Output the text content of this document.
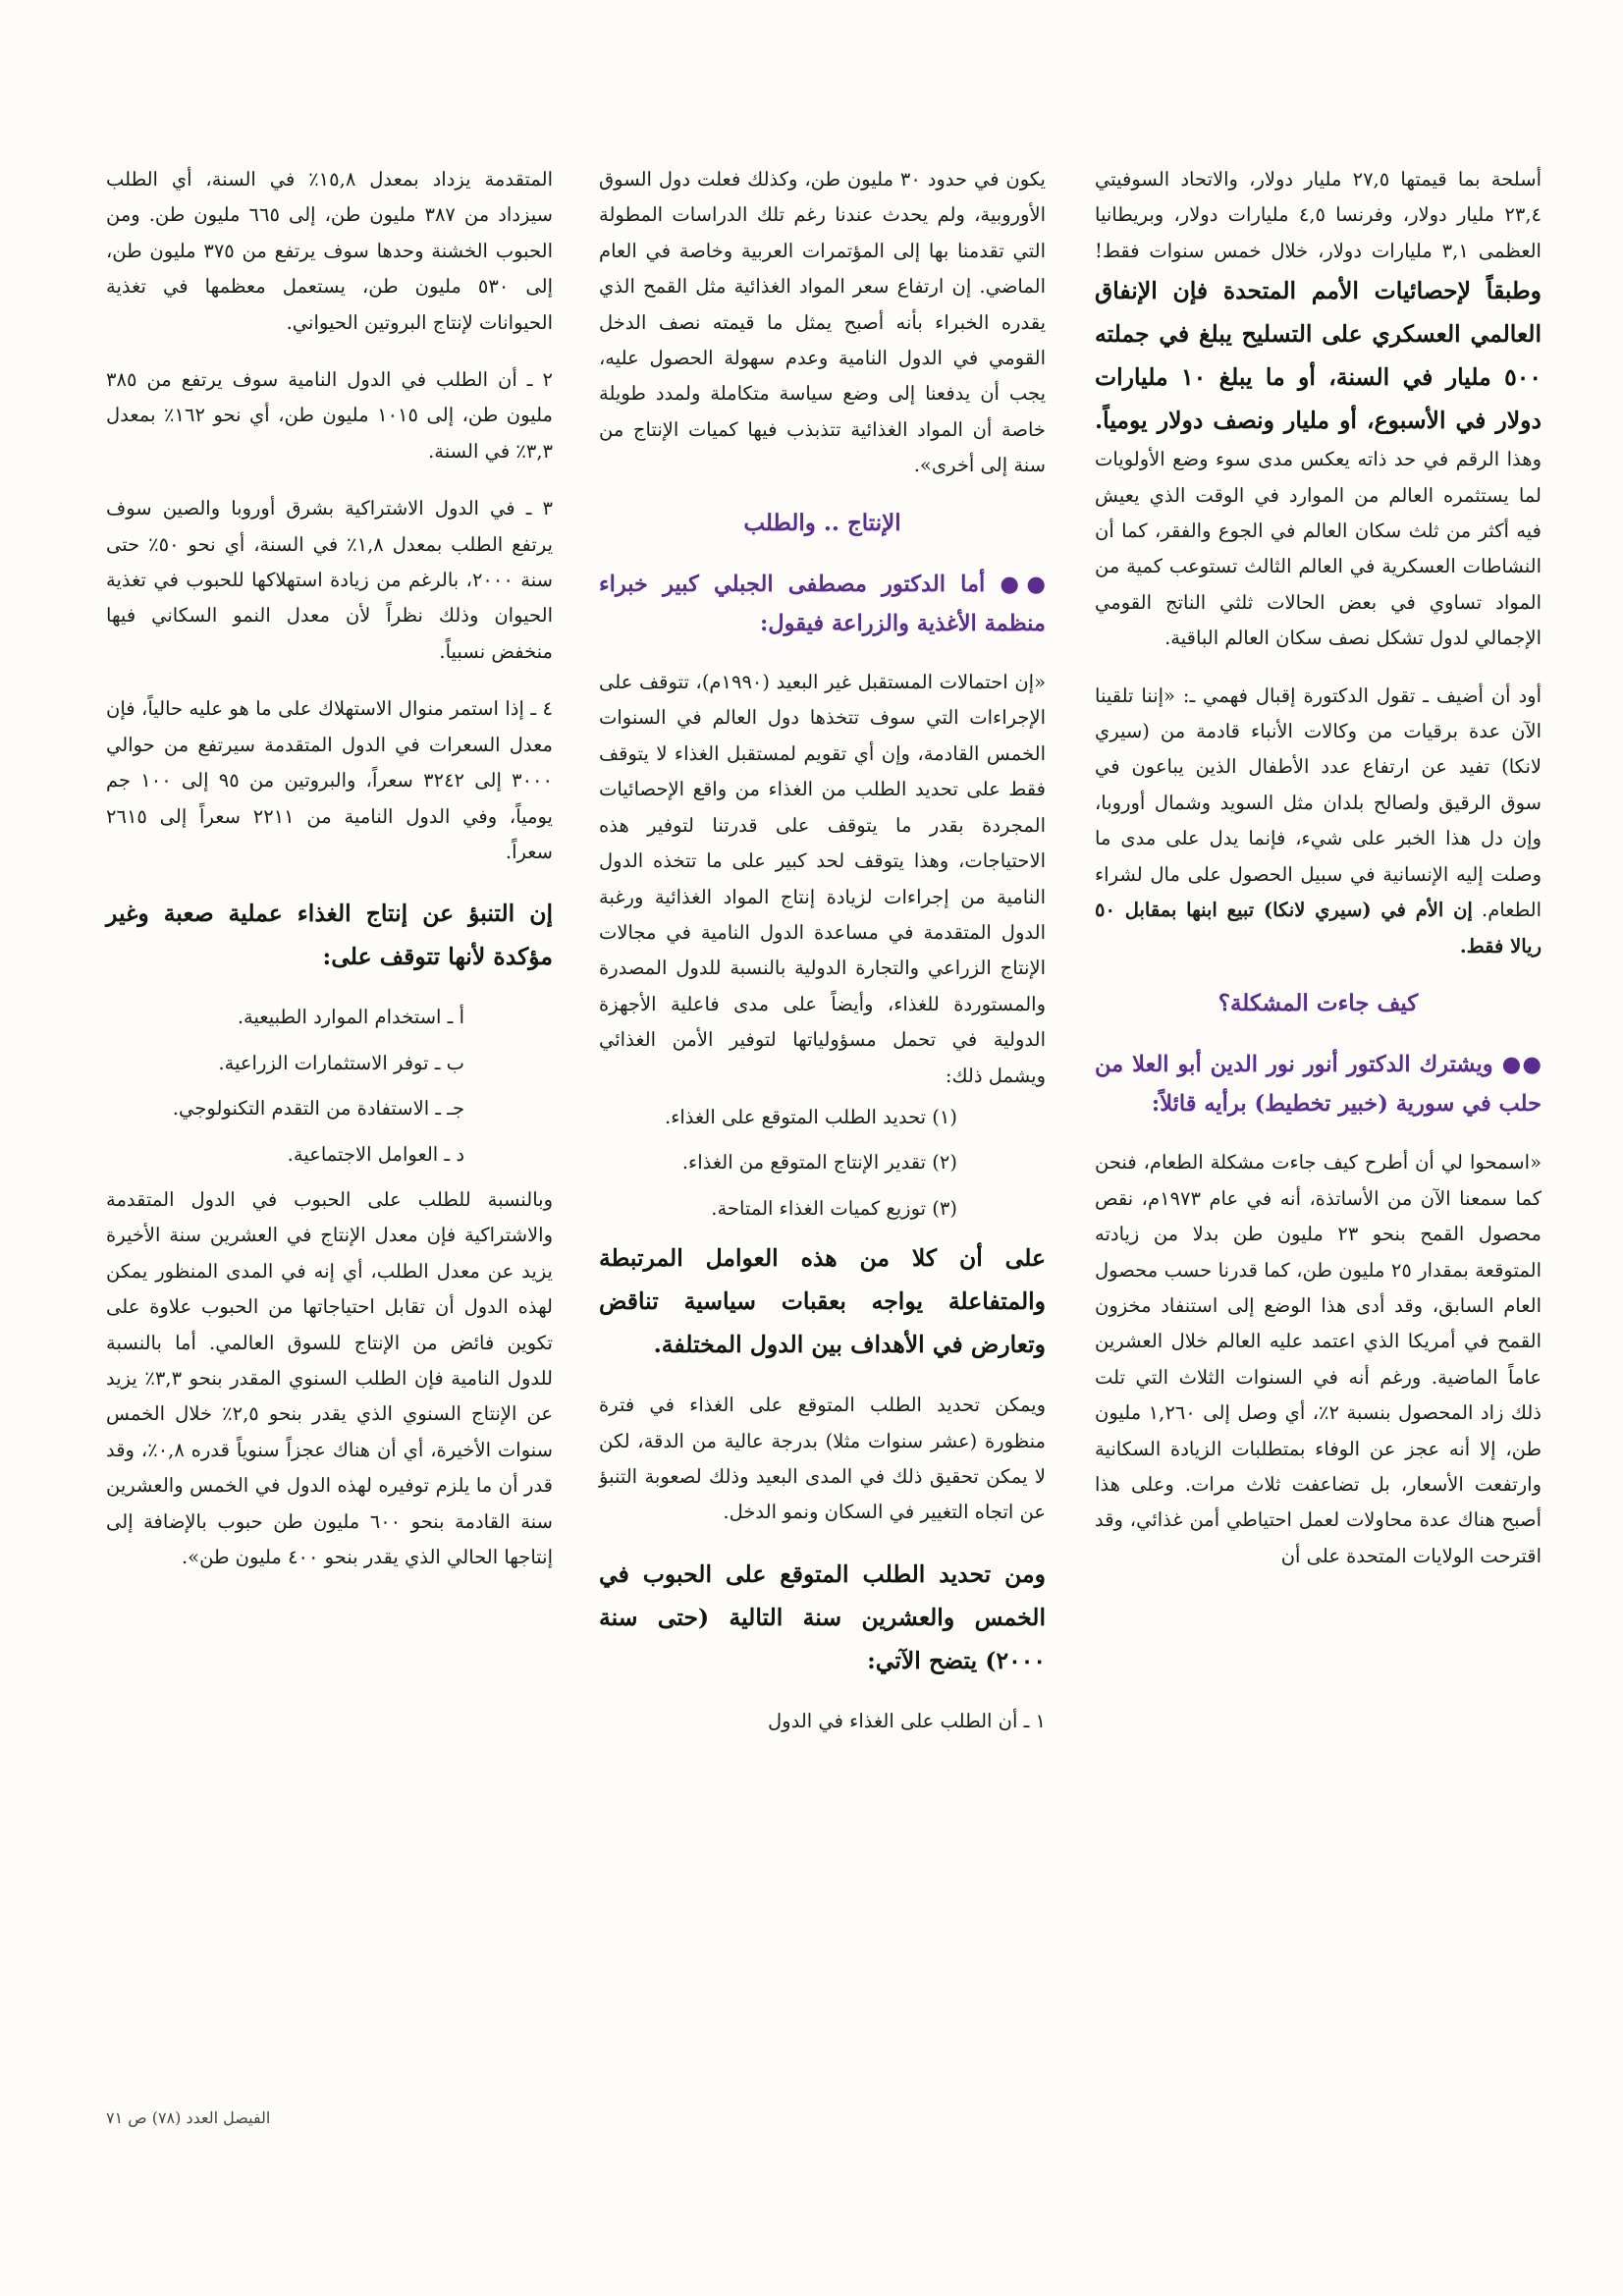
أسلحة بما قيمتها ٢٧,٥ مليار دولار، والاتحاد السوفيتي ٢٣,٤ مليار دولار، وفرنسا ٤,٥ مليارات دولار، وبريطانيا العظمى ٣,١ مليارات دولار، خلال خمس سنوات فقط! وطبقاً لإحصائيات الأمم المتحدة فإن الإنفاق العالمي العسكري على التسليح يبلغ في جملته ٥٠٠ مليار في السنة، أو ما يبلغ ١٠ مليارات دولار في الأسبوع، أو مليار ونصف دولار يومياً. وهذا الرقم في حد ذاته يعكس مدى سوء وضع الأولويات لما يستثمره العالم من الموارد في الوقت الذي يعيش فيه أكثر من ثلث سكان العالم في الجوع والفقر، كما أن النشاطات العسكرية في العالم الثالث تستوعب كمية من المواد تساوي في بعض الحالات ثلثي الناتج القومي الإجمالي لدول تشكل نصف سكان العالم الباقية.

أود أن أضيف ـ تقول الدكتورة إقبال فهمي ـ: «إننا تلقينا الآن عدة برقيات من وكالات الأنباء قادمة من (سيري لانكا) تفيد عن ارتفاع عدد الأطفال الذين يباعون في سوق الرقيق ولصالح بلدان مثل السويد وشمال أوروبا، وإن دل هذا الخبر على شيء، فإنما يدل على مدى ما وصلت إليه الإنسانية في سبيل الحصول على مال لشراء الطعام. إن الأم في (سيري لانكا) تبيع ابنها بمقابل ٥٠ ريالا فقط.

كيف جاءت المشكلة؟

●● ويشترك الدكتور أنور نور الدين أبو العلا من حلب في سورية (خبير تخطيط) برأيه قائلاً:

«اسمحوا لي أن أطرح كيف جاءت مشكلة الطعام، فنحن كما سمعنا الآن من الأساتذة، أنه في عام ١٩٧٣م، نقص محصول القمح بنحو ٢٣ مليون طن بدلا من زيادته المتوقعة بمقدار ٢٥ مليون طن، كما قدرنا حسب محصول العام السابق، وقد أدى هذا الوضع إلى استنفاد مخزون القمح في أمريكا الذي اعتمد عليه العالم خلال العشرين عاماً الماضية. ورغم أنه في السنوات الثلاث التي تلت ذلك زاد المحصول بنسبة ٢٪، أي وصل إلى ١,٢٦٠ مليون طن، إلا أنه عجز عن الوفاء بمتطلبات الزيادة السكانية وارتفعت الأسعار، بل تضاعفت ثلاث مرات. وعلى هذا أصبح هناك عدة محاولات لعمل احتياطي أمن غذائي، وقد اقترحت الولايات المتحدة على أن

يكون في حدود ٣٠ مليون طن، وكذلك فعلت دول السوق الأوروبية، ولم يحدث عندنا رغم تلك الدراسات المطولة التي تقدمنا بها إلى المؤتمرات العربية وخاصة في العام الماضي. إن ارتفاع سعر المواد الغذائية مثل القمح الذي يقدره الخبراء بأنه أصبح يمثل ما قيمته نصف الدخل القومي في الدول النامية وعدم سهولة الحصول عليه، يجب أن يدفعنا إلى وضع سياسة متكاملة ولمدد طويلة خاصة أن المواد الغذائية تتذبذب فيها كميات الإنتاج من سنة إلى أخرى».

الإنتاج .. والطلب

●● أما الدكتور مصطفى الجبلي كبير خبراء منظمة الأغذية والزراعة فيقول:

«إن احتمالات المستقبل غير البعيد (١٩٩٠م)، تتوقف على الإجراءات التي سوف تتخذها دول العالم في السنوات الخمس القادمة، وإن أي تقويم لمستقبل الغذاء لا يتوقف فقط على تحديد الطلب من الغذاء من واقع الإحصائيات المجردة بقدر ما يتوقف على قدرتنا لتوفير هذه الاحتياجات، وهذا يتوقف لحد كبير على ما تتخذه الدول النامية من إجراءات لزيادة إنتاج المواد الغذائية ورغبة الدول المتقدمة في مساعدة الدول النامية في مجالات الإنتاج الزراعي والتجارة الدولية بالنسبة للدول المصدرة والمستوردة للغذاء، وأيضاً على مدى فاعلية الأجهزة الدولية في تحمل مسؤولياتها لتوفير الأمن الغذائي ويشمل ذلك:

(١) تحديد الطلب المتوقع على الغذاء.

(٢) تقدير الإنتاج المتوقع من الغذاء.

(٣) توزيع كميات الغذاء المتاحة.

على أن كلا من هذه العوامل المرتبطة والمتفاعلة يواجه بعقبات سياسية تناقض وتعارض في الأهداف بين الدول المختلفة.

ويمكن تحديد الطلب المتوقع على الغذاء في فترة منظورة (عشر سنوات مثلا) بدرجة عالية من الدقة، لكن لا يمكن تحقيق ذلك في المدى البعيد وذلك لصعوبة التنبؤ عن اتجاه التغيير في السكان ونمو الدخل.

ومن تحديد الطلب المتوقع على الحبوب في الخمس والعشرين سنة التالية (حتى سنة ٢٠٠٠) يتضح الآتي:

١ ـ أن الطلب على الغذاء في الدول

المتقدمة يزداد بمعدل ١٥,٨٪ في السنة، أي الطلب سيزداد من ٣٨٧ مليون طن، إلى ٦٦٥ مليون طن. ومن الحبوب الخشنة وحدها سوف يرتفع من ٣٧٥ مليون طن، إلى ٥٣٠ مليون طن، يستعمل معظمها في تغذية الحيوانات لإنتاج البروتين الحيواني.

٢ ـ أن الطلب في الدول النامية سوف يرتفع من ٣٨٥ مليون طن، إلى ١٠١٥ مليون طن، أي نحو ١٦٢٪ بمعدل ٣,٣٪ في السنة.

٣ ـ في الدول الاشتراكية بشرق أوروبا والصين سوف يرتفع الطلب بمعدل ١,٨٪ في السنة، أي نحو ٥٠٪ حتى سنة ٢٠٠٠، بالرغم من زيادة استهلاكها للحبوب في تغذية الحيوان وذلك نظراً لأن معدل النمو السكاني فيها منخفض نسبياً.

٤ ـ إذا استمر منوال الاستهلاك على ما هو عليه حالياً، فإن معدل السعرات في الدول المتقدمة سيرتفع من حوالي ٣٠٠٠ إلى ٣٢٤٢ سعراً، والبروتين من ٩٥ إلى ١٠٠ جم يومياً، وفي الدول النامية من ٢٢١١ سعراً إلى ٢٦١٥ سعراً.

إن التنبؤ عن إنتاج الغذاء عملية صعبة وغير مؤكدة لأنها تتوقف على:

أ ـ استخدام الموارد الطبيعية.

ب ـ توفر الاستثمارات الزراعية.

جـ ـ الاستفادة من التقدم التكنولوجي.

د ـ العوامل الاجتماعية.

وبالنسبة للطلب على الحبوب في الدول المتقدمة والاشتراكية فإن معدل الإنتاج في العشرين سنة الأخيرة يزيد عن معدل الطلب، أي إنه في المدى المنظور يمكن لهذه الدول أن تقابل احتياجاتها من الحبوب علاوة على تكوين فائض من الإنتاج للسوق العالمي. أما بالنسبة للدول النامية فإن الطلب السنوي المقدر بنحو ٣,٣٪ يزيد عن الإنتاج السنوي الذي يقدر بنحو ٢,٥٪ خلال الخمس سنوات الأخيرة، أي أن هناك عجزاً سنوياً قدره ٠,٨٪، وقد قدر أن ما يلزم توفيره لهذه الدول في الخمس والعشرين سنة القادمة بنحو ٦٠٠ مليون طن حبوب بالإضافة إلى إنتاجها الحالي الذي يقدر بنحو ٤٠٠ مليون طن».

الفيصل العدد (٧٨) ص ٧١
